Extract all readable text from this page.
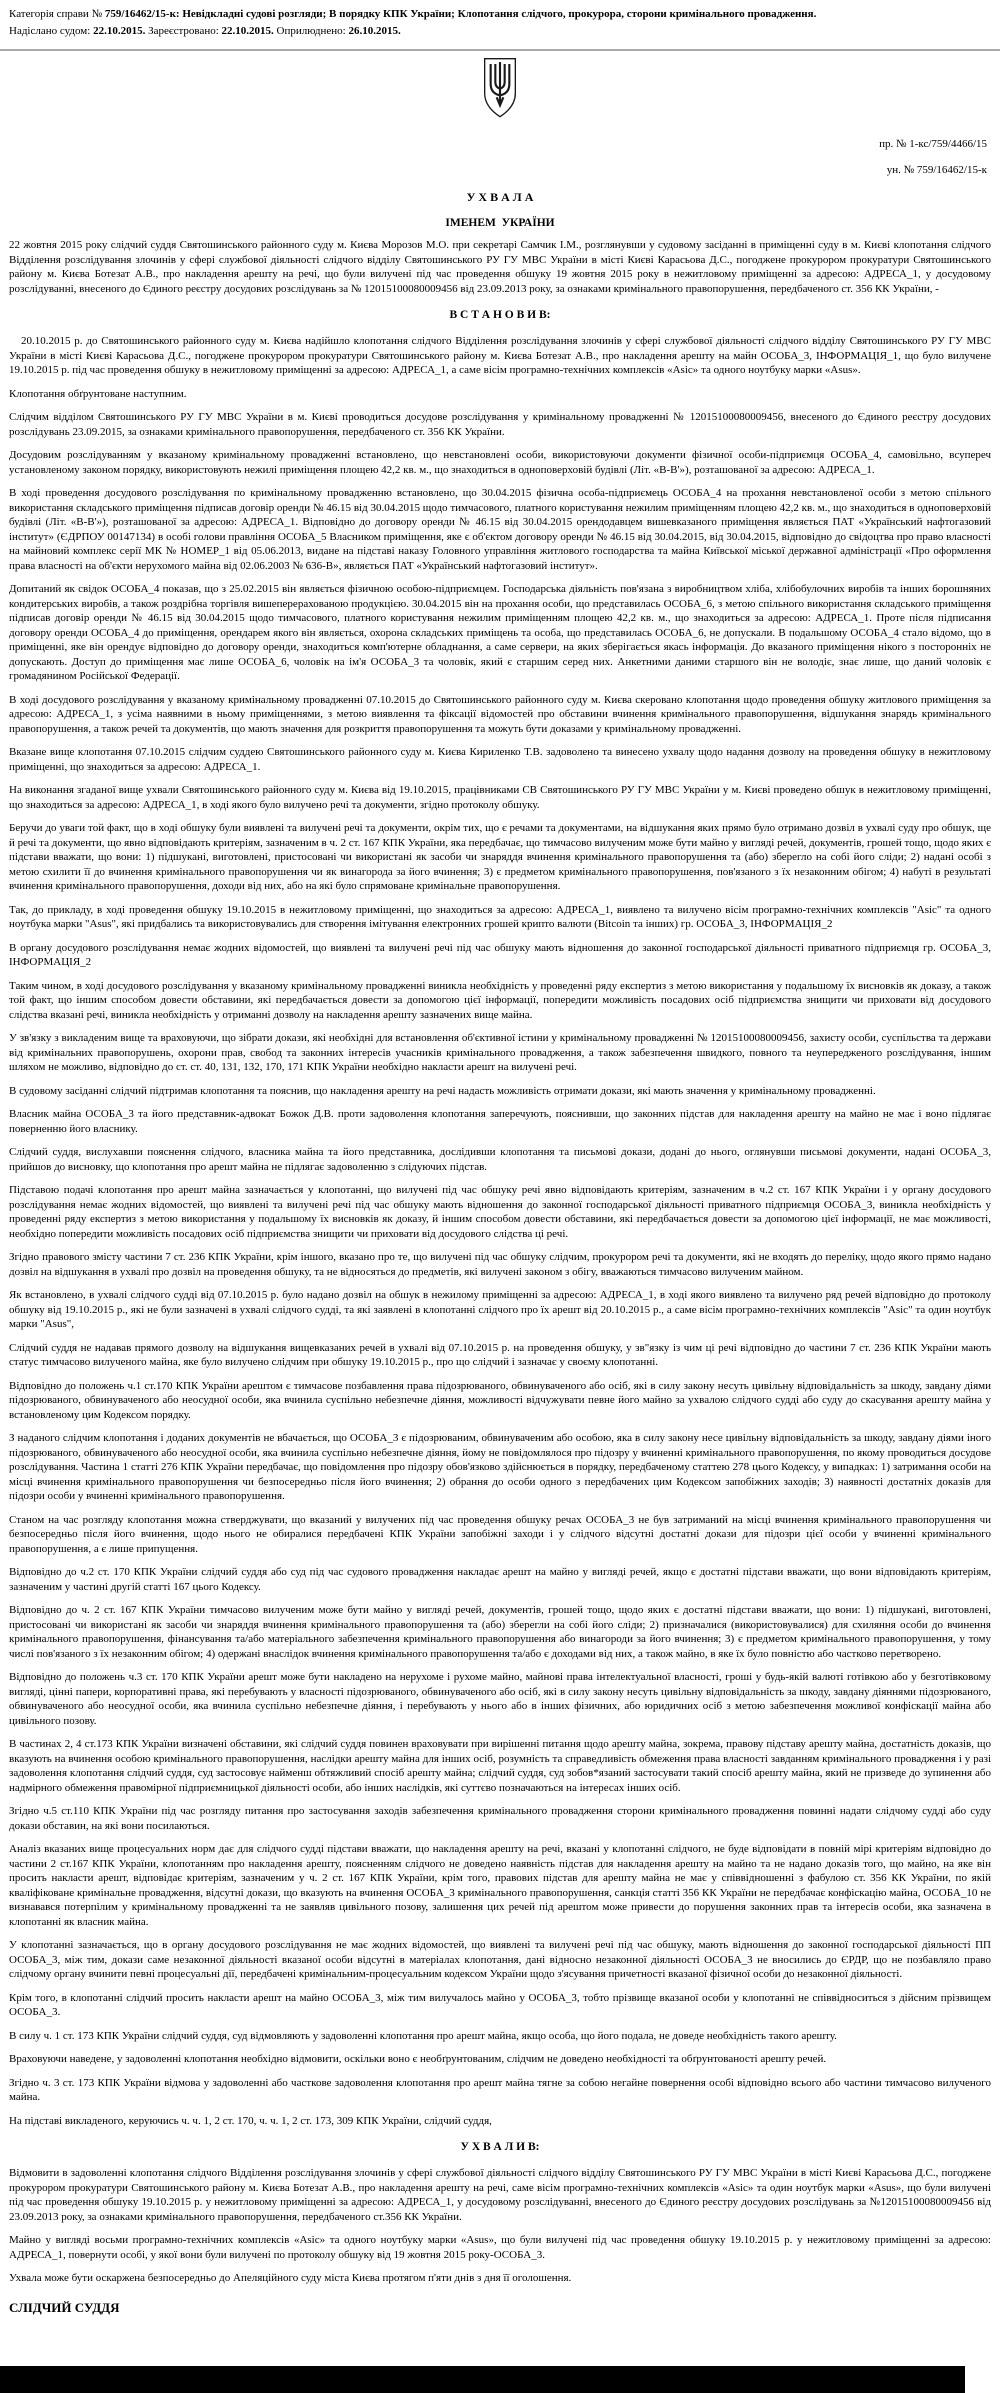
Категорія справи № 759/16462/15-к: Невідкладні судові розгляди; В порядку КПК України; Клопотання слідчого, прокурора, сторони кримінального провадження.
Надіслано судом: 22.10.2015. Зареєстровано: 22.10.2015. Оприлюднено: 26.10.2015.
пр. № 1-кс/759/4466/15
ун. № 759/16462/15-к
У Х В А Л А
ІМЕНЕМ  УКРАЇНИ

22 жовтня 2015 року слідчий суддя Святошинського районного суду м. Києва Морозов М.О. при секретарі Самчик І.М., розглянувши у судовому засіданні в приміщенні суду в м. Києві клопотання слідчого Відділення розслідування злочинів у сфері службової діяльності слідчого відділу Святошинського РУ ГУ МВС України в місті Києві Карасьова Д.С., погоджене прокурором прокуратури Святошинського району м. Києва Ботезат А.В., про накладення арешту на речі, що були вилучені під час проведення обшуку 19 жовтня 2015 року в нежитловому приміщенні за адресою: АДРЕСА_1, у досудовому розслідуванні, внесеного до Єдиного реєстру досудових розслідувань за № 12015100080009456 від 23.09.2013 року, за ознаками кримінального правопорушення, передбаченого ст. 356 КК України, -

В С Т А Н О В И В:

20.10.2015 р. до Святошинського районного суду м. Києва надійшло клопотання слідчого Відділення розслідування злочинів у сфері службової діяльності слідчого відділу Святошинського РУ ГУ МВС України в місті Києві Карасьова Д.С., погоджене прокурором прокуратури Святошинського району м. Києва Ботезат А.В., про накладення арешту на майн ОСОБА_3, ІНФОРМАЦІЯ_1, що було вилучене 19.10.2015 р. під час проведення обшуку в нежитловому приміщенні за адресою: АДРЕСА_1, а саме вісім програмно-технічних комплексів «Asic» та одного ноутбуку марки «Asus».

Клопотання обґрунтоване наступним.

Слідчим відділом Святошинського РУ ГУ МВС України в м. Києві проводиться досудове розслідування у кримінальному провадженні № 12015100080009456, внесеного до Єдиного реєстру досудових розслідувань 23.09.2015, за ознаками кримінального правопорушення, передбаченого ст. 356 КК України.

Досудовим розслідуванням у вказаному кримінальному провадженні встановлено, що невстановлені особи, використовуючи документи фізичної особи-підприємця ОСОБА_4, самовільно, всупереч установленому законом порядку, використовують нежилі приміщення площею 42,2 кв. м., що знаходиться в одноповерховій будівлі (Літ. «В-В'»), розташованої за адресою: АДРЕСА_1.

В ході проведення досудового розслідування по кримінальному провадженню встановлено, що 30.04.2015 фізична особа-підприємець ОСОБА_4 на прохання невстановленої особи з метою спільного використання складського приміщення підписав договір оренди № 46.15 від 30.04.2015 щодо тимчасового, платного користування нежилим приміщенням площею 42,2 кв. м., що знаходиться в одноповерховій будівлі (Літ. «В-В'»), розташованої за адресою: АДРЕСА_1. Відповідно до договору оренди № 46.15 від 30.04.2015 орендодавцем вишевказаного приміщення являється ПАТ «Український нафтогазовий інститут» (ЄДРПОУ 00147134) в особі голови правління ОСОБА_5 Власником приміщення, яке є об'єктом договору оренди № 46.15 від 30.04.2015, від 30.04.2015, відповідно до свідоцтва про право власності на майновий комплекс серії МК № НОМЕР_1 від 05.06.2013, видане на підставі наказу Головного управління житлового господарства та майна Київської міської державної адміністрації «Про оформлення права власності на об'єкти нерухомого майна від 02.06.2003 № 636-В», являється ПАТ «Український нафтогазовий інститут».

Допитаний як свідок ОСОБА_4 показав, що з 25.02.2015 він являється фізичною особою-підприємцем. Господарська діяльність пов'язана з виробництвом хліба, хлібобулочних виробів та інших борошняних кондитерських виробів, а також роздрібна торгівля вишеперерахованою продукцією. 30.04.2015 він на прохання особи, що представилась ОСОБА_6, з метою спільного використання складського приміщення підписав договір оренди № 46.15 від 30.04.2015 щодо тимчасового, платного користування нежилим приміщенням площею 42,2 кв. м., що знаходиться за адресою: АДРЕСА_1. Проте після підписання договору оренди ОСОБА_4 до приміщення, орендарем якого він являється, охорона складських приміщень та особа, що представилась ОСОБА_6, не допускали. В подальшому ОСОБА_4 стало відомо, що в приміщенні, яке він орендує відповідно до договору оренди, знаходиться комп'ютерне обладнання, а саме сервери, на яких зберігається якась інформація. До вказаного приміщення нікого з посторонніх не допускають. Доступ до приміщення має лише ОСОБА_6, чоловік на ім'я ОСОБА_3 та чоловік, який є старшим серед них. Анкетними даними старшого він не володіє, знає лише, що даний чоловік є громадянином Російської Федерації.

В ході досудового розслідування у вказаному кримінальному провадженні 07.10.2015 до Святошинського районного суду м. Києва скеровано клопотання щодо проведення обшуку житлового приміщення за адресою: АДРЕСА_1, з усіма наявними в ньому приміщеннями, з метою виявлення та фіксації відомостей про обставини вчинення кримінального правопорушення, відшукання знарядь кримінального правопорушення, а також речей та документів, що мають значення для розкриття правопорушення та можуть бути доказами у кримінальному провадженні.

Вказане вище клопотання 07.10.2015 слідчим суддею Святошинського районного суду м. Києва Кириленко Т.В. задоволено та винесено ухвалу щодо надання дозволу на проведення обшуку в нежитловому приміщенні, що знаходиться за адресою: АДРЕСА_1.

На виконання згаданої вище ухвали Святошинського районного суду м. Києва від 19.10.2015, працівниками СВ Святошинського РУ ГУ МВС України у м. Києві проведено обшук в нежитловому приміщенні, що знаходиться за адресою: АДРЕСА_1, в ході якого було вилучено речі та документи, згідно протоколу обшуку.

Беручи до уваги той факт, що в ході обшуку були виявлені та вилучені речі та документи, окрім тих, що є речами та документами, на відшукання яких прямо було отримано дозвіл в ухвалі суду про обшук, ще й речі та документи, що явно відповідають критеріям, зазначеним в ч. 2 ст. 167 КПК України, яка передбачає, що тимчасово вилученим може бути майно у вигляді речей, документів, грошей тощо, щодо яких є підстави вважати, що вони: 1) підшукані, виготовлені, пристосовані чи використані як засоби чи знаряддя вчинення кримінального правопорушення та (або) зберегло на собі його сліди; 2) надані особі з метою схилити її до вчинення кримінального правопорушення чи як винагорода за його вчинення; 3) є предметом кримінального правопорушення, пов'язаного з їх незаконним обігом; 4) набуті в результаті вчинення кримінального правопорушення, доходи від них, або на які було спрямоване кримінальне правопорушення.

Так, до прикладу, в ході проведення обшуку 19.10.2015 в нежитловому приміщенні, що знаходиться за адресою: АДРЕСА_1, виявлено та вилучено вісім програмно-технічних комплексів "Asic" та одного ноутбука марки "Asus", які придбались та використовувались для створення імітування електронних грошей крипто валюти (Bitcoin та інших) гр. ОСОБА_3, ІНФОРМАЦІЯ_2

В органу досудового розслідування немає жодних відомостей, що виявлені та вилучені речі під час обшуку мають відношення до законної господарської діяльності приватного підприємця гр. ОСОБА_3, ІНФОРМАЦІЯ_2

Таким чином, в ході досудового розслідування у вказаному кримінальному провадженні виникла необхідність у проведенні ряду експертиз з метою використання у подальшому їх висновків як доказу, а також той факт, що іншим способом довести обставини, які передбачається довести за допомогою цієї інформації, попередити можливість посадових осіб підприємства знищити чи приховати від досудового слідства вказані речі, виникла необхідність у отриманні дозволу на накладення арешту зазначених вище майна.

У зв'язку з викладеним вище та враховуючи, що зібрати докази, які необхідні для встановлення об'єктивної істини у кримінальному провадженні № 12015100080009456, захисту особи, суспільства та держави від кримінальних правопорушень, охорони прав, свобод та законних інтересів учасників кримінального провадження, а також забезпечення швидкого, повного та неупередженого розслідування, іншим шляхом не можливо, відповідно до ст. ст. 40, 131, 132, 170, 171 КПК України необхідно накласти арешт на вилучені речі.

В судовому засіданні слідчий підтримав клопотання та пояснив, що накладення арешту на речі надасть можливість отримати докази, які мають значення у кримінальному провадженні.

Власник майна ОСОБА_3 та його представник-адвокат Божок Д.В. проти задоволення клопотання заперечують, пояснивши, що законних підстав для накладення арешту на майно не має і воно підлягає поверненню його власнику.

Слідчий суддя, вислухавши пояснення слідчого, власника майна та його представника, дослідивши клопотання та письмові докази, додані до нього, оглянувши письмові документи, надані ОСОБА_3, прийшов до висновку, що клопотання про арешт майна не підлягає задоволенню з слідуючих підстав.

Підставою подачі клопотання про арешт майна зазначається у клопотанні, що вилучені під час обшуку речі явно відповідають критеріям, зазначеним в ч.2 ст. 167 КПК України і у органу досудового розслідування немає жодних відомостей, що виявлені та вилучені речі під час обшуку мають відношення до законної господарської діяльності приватного підприємця ОСОБА_3, виникла необхідність у проведенні ряду експертиз з метою використання у подальшому їх висновків як доказу, й іншим способом довести обставини, які передбачається довести за допомогою цієї інформації, не має можливості, необхідно попередити можливість посадових осіб підприємства знищити чи приховати від досудового слідства ці речі.

Згідно правового змісту частини 7 ст. 236 КПК України, крім іншого, вказано про те, що вилучені під час обшуку слідчим, прокурором речі та документи, які не входять до переліку, щодо якого прямо надано дозвіл на відшукання в ухвалі про дозвіл на проведення обшуку, та не відносяться до предметів, які вилучені законом з обігу, вважаються тимчасово вилученим майном.

Як встановлено, в ухвалі слідчого судді від 07.10.2015 р. було надано дозвіл на обшук в нежилому приміщенні за адресою: АДРЕСА_1, в ході якого виявлено та вилучено ряд речей відповідно до протоколу обшуку від 19.10.2015 р., які не були зазначені в ухвалі слідчого судді, та які заявлені в клопотанні слідчого про їх арешт від 20.10.2015 р., а саме вісім програмно-технічних комплексів "Asic" та один ноутбук марки "Asus",

Слідчий суддя не надавав прямого дозволу на відшукання вищевказаних речей в ухвалі від 07.10.2015 р. на проведення обшуку, у зв"язку із чим ці речі відповідно до частини 7 ст. 236 КПК України мають статус тимчасово вилученого майна, яке було вилучено слідчим при обшуку 19.10.2015 р., про що слідчий і зазначає у своєму клопотанні.

Відповідно до положень ч.1 ст.170 КПК України арештом є тимчасове позбавлення права підозрюваного, обвинуваченого або осіб, які в силу закону несуть цивільну відповідальність за шкоду, завдану діями підозрюваного, обвинуваченого або неосудної особи, яка вчинила суспільно небезпечне діяння, можливості відчужувати певне його майно за ухвалою слідчого судді або суду до скасування арешту майна у встановленому цим Кодексом порядку.

З наданого слідчим клопотання і доданих документів не вбачається, що ОСОБА_3 є підозрюваним, обвинуваченим або особою, яка в силу закону несе цивільну відповідальність за шкоду, завдану діями іного підозрюваного, обвинуваченого або неосудної особи, яка вчинила суспільно небезпечне діяння, йому не повідомлялося про підозру у вчиненні кримінального правопорушення, по якому проводиться досудове розслідування. Частина 1 статті 276 КПК України передбачає, що повідомлення про підозру обов'язково здійснюється в порядку, передбаченому статтею 278 цього Кодексу, у випадках: 1) затримання особи на місці вчинення кримінального правопорушення чи безпосередньо після його вчинення; 2) обрання до особи одного з передбачених цим Кодексом запобіжних заходів; 3) наявності достатніх доказів для підозри особи у вчиненні кримінального правопорушення.

Станом на час розгляду клопотання можна стверджувати, що вказаний у вилучених під час проведення обшуку речах ОСОБА_3 не був затриманий на місці вчинення кримінального правопорушення чи безпосередньо після його вчинення, щодо нього не обиралися передбачені КПК України запобіжні заходи і у слідчого відсутні достатні докази для підозри цієї особи у вчиненні кримінального правопорушення, а є лише припущення.

Відповідно до ч.2 ст. 170 КПК України слідчий суддя або суд під час судового провадження накладає арешт на майно у вигляді речей, якщо є достатні підстави вважати, що вони відповідають критеріям, зазначеним у частині другій статті 167 цього Кодексу.

Відповідно до ч. 2 ст. 167 КПК України тимчасово вилученим може бути майно у вигляді речей, документів, грошей тощо, щодо яких є достатні підстави вважати, що вони: 1) підшукані, виготовлені, пристосовані чи використані як засоби чи знаряддя вчинення кримінального правопорушення та (або) зберегли на собі його сліди; 2) призначалися (використовувалися) для схиляння особи до вчинення кримінального правопорушення, фінансування та/або матеріального забезпечення кримінального правопорушення або винагороди за його вчинення; 3) є предметом кримінального правопорушення, у тому числі пов'язаного з їх незаконним обігом; 4) одержані внаслідок вчинення кримінального правопорушення та/або є доходами від них, а також майно, в яке їх було повністю або частково перетворено.

Відповідно до положень ч.3 ст. 170 КПК України арешт може бути накладено на нерухоме і рухоме майно, майнові права інтелектуальної власності, гроші у будь-якій валюті готівкою або у безготівковому вигляді, цінні папери, корпоративні права, які перебувають у власності підозрюваного, обвинуваченого або осіб, які в силу закону несуть цивільну відповідальність за шкоду, завдану діяннями підозрюваного, обвинуваченого або неосудної особи, яка вчинила суспільно небезпечне діяння, і перебувають у нього або в інших фізичних, або юридичних осіб з метою забезпечення можливої конфіскації майна або цивільного позову.

В частинах 2, 4 ст.173 КПК України визначені обставини, які слідчий суддя повинен враховувати при вирішенні питання щодо арешту майна, зокрема, правову підставу арешту майна, достатність доказів, що вказують на вчинення особою кримінального правопорушення, наслідки арешту майна для інших осіб, розумність та справедливість обмеження права власності завданням кримінального провадження і у разі задоволення клопотання слідчий суддя, суд застосовує найменш обтяжливий спосіб арешту майна; слідчий суддя, суд зобов*язаний застосувати такий спосіб арешту майна, який не призведе до зупинення або надмірного обмеження правомірної підприємницької діяльності особи, або інших наслідків, які суттєво позначаються на інтересах інших осіб.

Згідно ч.5 ст.110 КПК України під час розгляду питання про застосування заходів забезпечення кримінального провадження сторони кримінального провадження повинні надати слідчому судді або суду докази обставин, на які вони посилаються.

Аналіз вказаних вище процесуальних норм дає для слідчого судді підстави вважати, що накладення арешту на речі, вказані у клопотанні слідчого, не буде відповідати в повній мірі критеріям відповідно до частини 2 ст.167 КПК України, клопотанням про накладення арешту, поясненням слідчого не доведено наявність підстав для накладення арешту на майно та не надано доказів того, що майно, на яке він просить накласти арешт, відповідає критеріям, зазначеним у ч. 2 ст. 167 КПК України, крім того, правових підстав для арешту майна не має у співвідношенні з фабулою ст. 356 КК України, по якій кваліфіковане кримінальне провадження, відсутні докази, що вказують на вчинення ОСОБА_3 кримінального правопорушення, санкція статті 356 КК України не передбачає конфіскацію майна, ОСОБА_10 не визнавався потерпілим у кримінальному провадженні та не заявляв цивільного позову, залишення цих речей під арештом може привести до порушення законних прав та інтересів особи, яка зазначена в клопотанні як власник майна.

У клопотанні зазначається, що в органу досудового розслідування не має жодних відомостей, що виявлені та вилучені речі під час обшуку, мають відношення до законної господарської діяльності ПП ОСОБА_3, між тим, докази саме незаконної діяльності вказаної особи відсутні в матеріалах клопотання, дані відносно незаконної діяльності ОСОБА_3 не вносились до ЄРДР, що не позбавляло право слідчому органу вчинити певні процесуальні дії, передбачені кримінальним-процесуальним кодексом України щодо з'ясування причетності вказаної фізичної особи до незаконної діяльності.

Крім того, в клопотанні слідчий просить накласти арешт на майно ОСОБА_3, між тим вилучалось майно у ОСОБА_3, тобто прізвище вказаної особи у клопотанні не співвідноситься з дійсним прізвищем ОСОБА_3.

В силу ч. 1 ст. 173 КПК України слідчий суддя, суд відмовляють у задоволенні клопотання про арешт майна, якщо особа, що його подала, не доведе необхідність такого арешту.

Враховуючи наведене, у задоволенні клопотання необхідно відмовити, оскільки воно є необґрунтованим, слідчим не доведено необхідності та обґрунтованості арешту речей.

Згідно ч. 3 ст. 173 КПК України відмова у задоволенні або часткове задоволення клопотання про арешт майна тягне за собою негайне повернення особі відповідно всього або частини тимчасово вилученого майна.

На підставі викладеного, керуючись ч. ч. 1, 2 ст. 170, ч. ч. 1, 2 ст. 173, 309 КПК України, слідчий суддя,

У Х В А Л И В:

Відмовити в задоволенні клопотання слідчого Відділення розслідування злочинів у сфері службової діяльності слідчого відділу Святошинського РУ ГУ МВС України в місті Києві Карасьова Д.С., погоджене прокурором прокуратури Святошинського району м. Києва Ботезат А.В., про накладення арешту на речі, саме вісім програмно-технічних комплексів «Asic» та один ноутбук марки «Asus», що були вилучені під час проведення обшуку 19.10.2015 р. у нежитловому приміщенні за адресою: АДРЕСА_1, у досудовому розслідуванні, внесеного до Єдиного реєстру досудових розслідувань за №12015100080009456 від 23.09.2013 року, за ознаками кримінального правопорушення, передбаченого ст.356 КК України.

Майно у вигляді восьми програмно-технічних комплексів «Asic» та одного ноутбуку марки «Asus», що були вилучені під час проведення обшуку 19.10.2015 р. у нежитловому приміщенні за адресою: АДРЕСА_1, повернути особі, у якої вони були вилучені по протоколу обшуку від 19 жовтня 2015 року-ОСОБА_3.

Ухвала може бути оскаржена безпосередньо до Апеляційного суду міста Києва протягом п'яти днів з дня її оголошення.

СЛІДЧИЙ СУДДЯ
